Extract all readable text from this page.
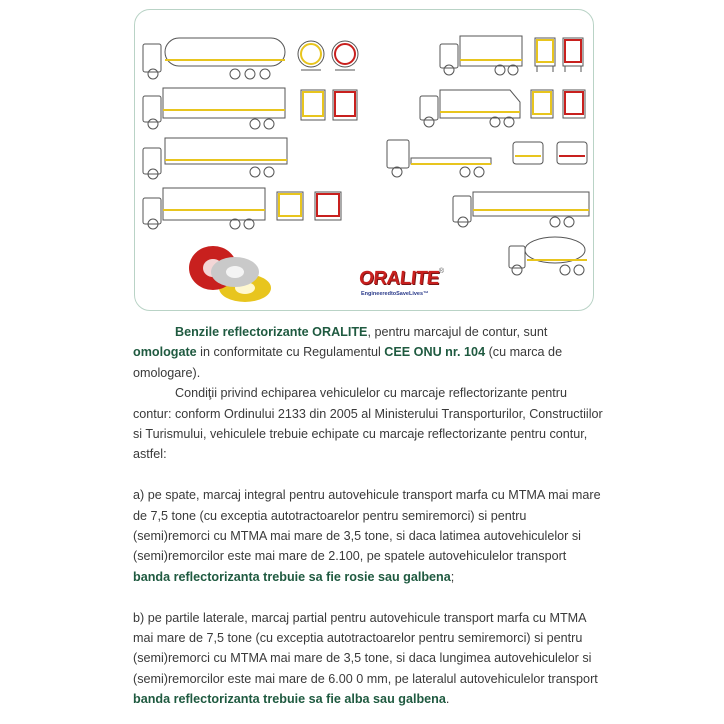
ORALITE®
EngineeredtoSaveLives™

Benzile reflectorizante ORALITE, pentru marcajul de contur, sunt omologate in conformitate cu Regulamentul CEE ONU nr. 104 (cu marca de omologare).

Condiţii privind echiparea vehiculelor cu marcaje reflectorizante pentru contur: conform Ordinului 2133 din 2005 al Ministerului Transporturilor, Constructiilor si Turismului, vehiculele trebuie echipate cu marcaje reflectorizante pentru contur, astfel:

a) pe spate, marcaj integral pentru autovehicule transport marfa cu MTMA mai mare de 7,5 tone (cu exceptia autotractoarelor pentru semiremorci) si pentru (semi)remorci cu MTMA mai mare de 3,5 tone, si daca latimea autovehiculelor si (semi)remorcilor este mai mare de 2.100, pe spatele autovehiculelor transport banda reflectorizanta trebuie sa fie rosie sau galbena;

b) pe partile laterale, marcaj partial pentru autovehicule transport marfa cu MTMA mai mare de 7,5 tone (cu exceptia autotractoarelor pentru semiremorci) si pentru (semi)remorci cu MTMA mai mare de 3,5 tone, si daca lungimea autovehiculelor si (semi)remorcilor este mai mare de 6.00 0 mm, pe lateralul autovehiculelor transport banda reflectorizanta trebuie sa fie alba sau galbena.
